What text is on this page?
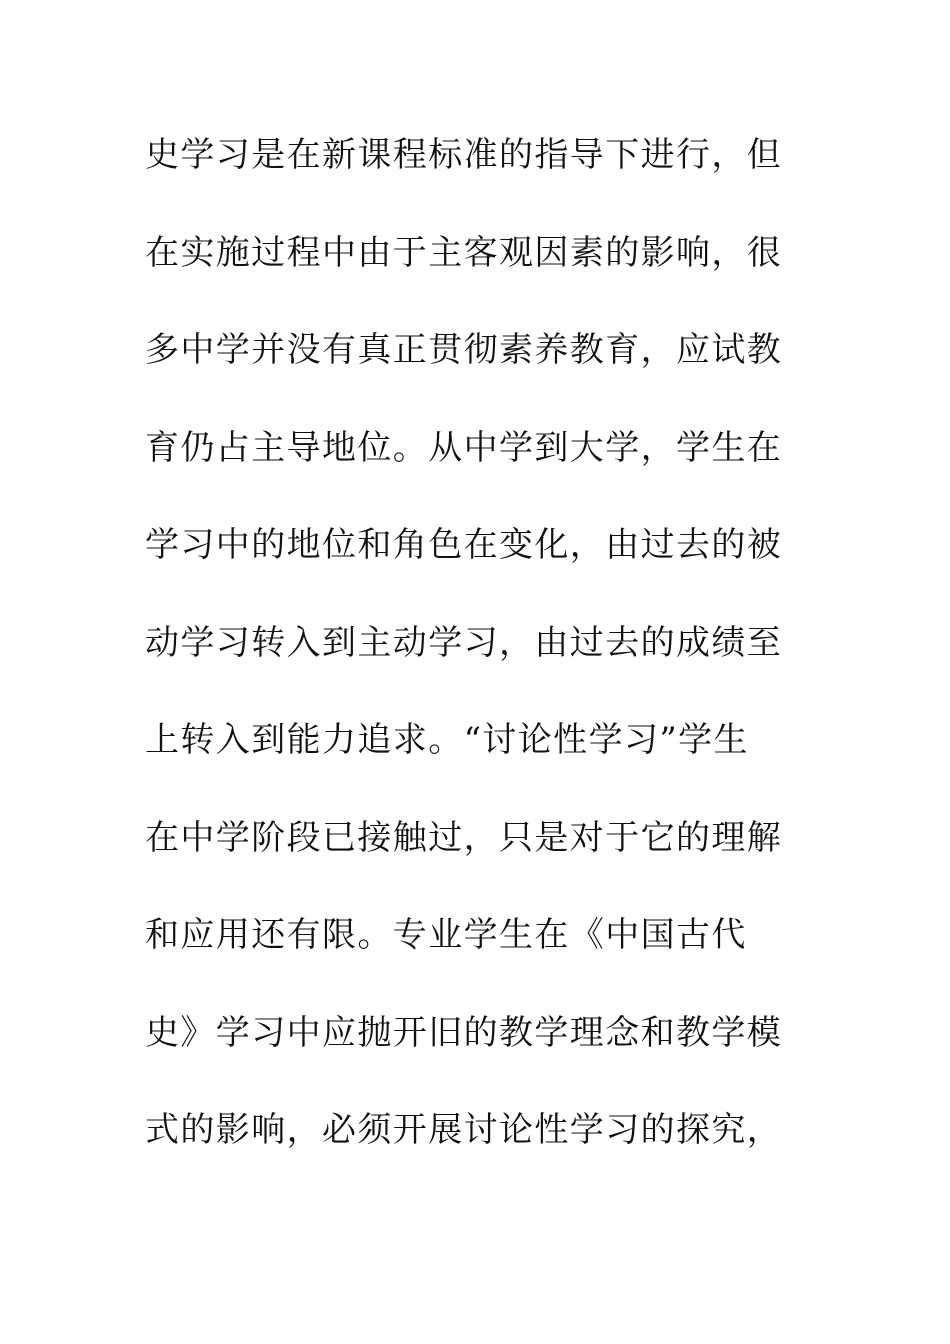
史学习是在新课程标准的指导下进行，但
在实施过程中由于主客观因素的影响，很
多中学并没有真正贯彻素养教育，应试教
育仍占主导地位。从中学到大学，学生在
学习中的地位和角色在变化，由过去的被
动学习转入到主动学习，由过去的成绩至
上转入到能力追求。“讨论性学习”学生
在中学阶段已接触过，只是对于它的理解
和应用还有限。专业学生在《中国古代
史》学习中应抛开旧的教学理念和教学模
式的影响，必须开展讨论性学习的探究，
